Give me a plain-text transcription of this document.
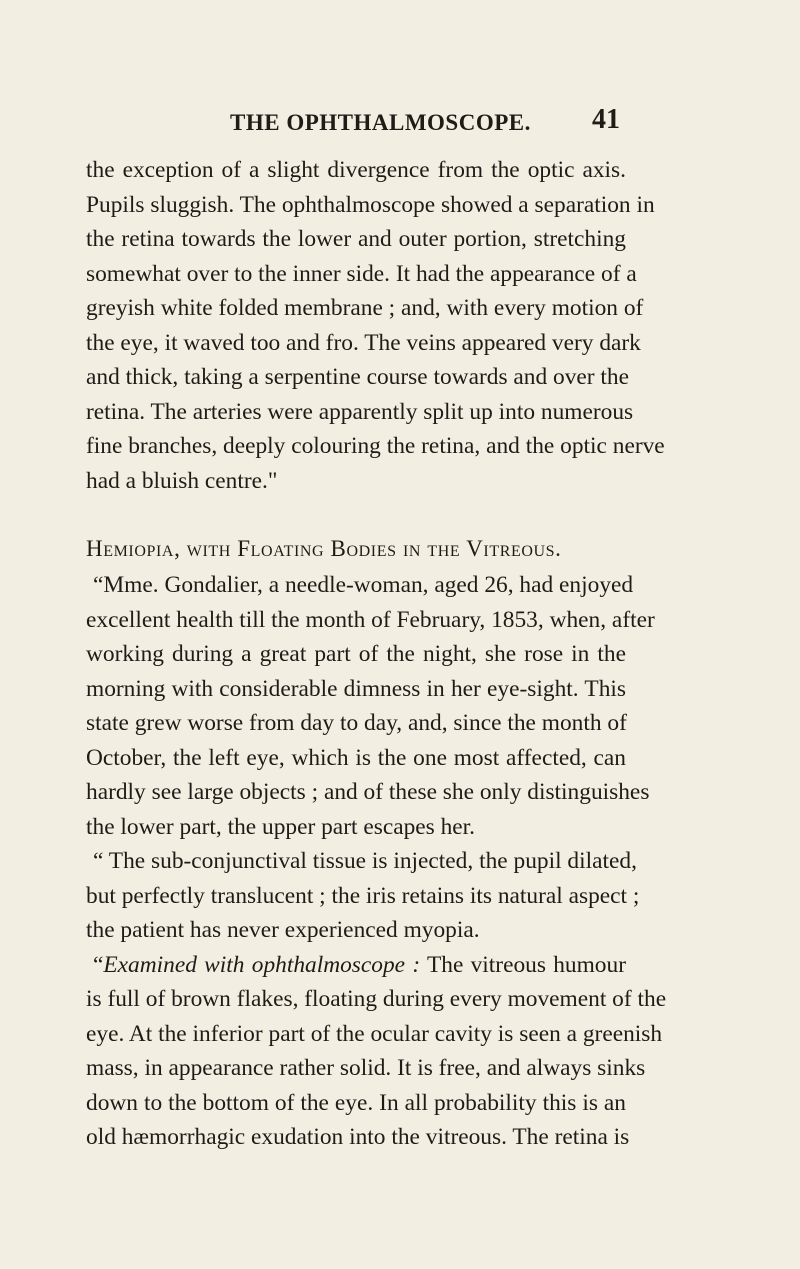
THE OPHTHALMOSCOPE. 41
the exception of a slight divergence from the optic axis.
Pupils sluggish. The ophthalmoscope showed a separation in
the retina towards the lower and outer portion, stretching
somewhat over to the inner side. It had the appearance of a
greyish white folded membrane ; and, with every motion of
the eye, it waved too and fro. The veins appeared very dark
and thick, taking a serpentine course towards and over the
retina. The arteries were apparently split up into numerous
fine branches, deeply colouring the retina, and the optic nerve
had a bluish centre."
Hemiopia, with Floating Bodies in the Vitreous.
“Mme. Gondalier, a needle-woman, aged 26, had enjoyed
excellent health till the month of February, 1853, when, after
working during a great part of the night, she rose in the
morning with considerable dimness in her eye-sight. This
state grew worse from day to day, and, since the month of
October, the left eye, which is the one most affected, can
hardly see large objects ; and of these she only distinguishes
the lower part, the upper part escapes her.
“ The sub-conjunctival tissue is injected, the pupil dilated,
but perfectly translucent ; the iris retains its natural aspect ;
the patient has never experienced myopia.
“Examined with ophthalmoscope : The vitreous humour
is full of brown flakes, floating during every movement of the
eye. At the inferior part of the ocular cavity is seen a greenish
mass, in appearance rather solid. It is free, and always sinks
down to the bottom of the eye. In all probability this is an
old hæmorrhagic exudation into the vitreous. The retina is
